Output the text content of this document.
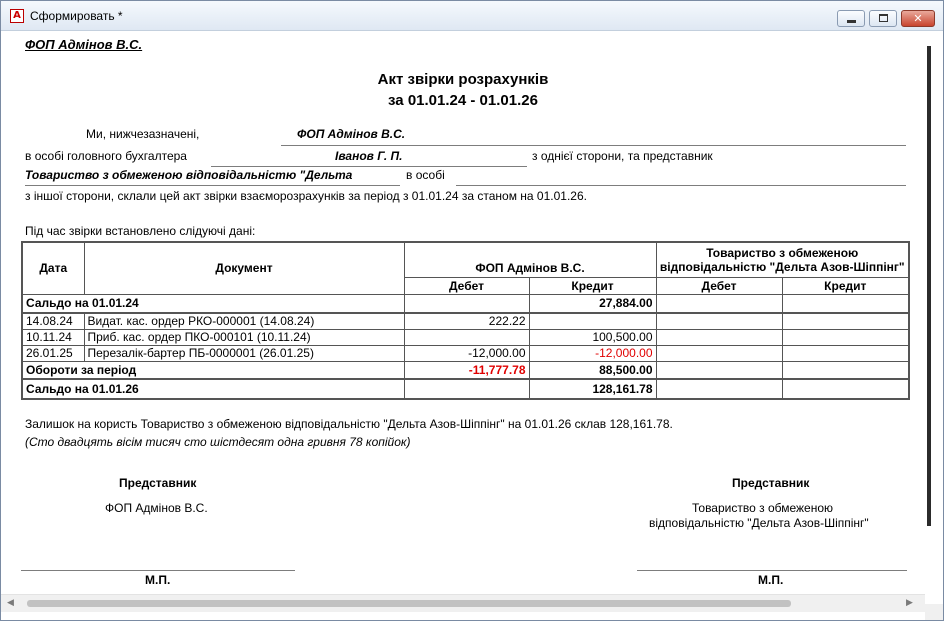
A Сформировать *	✕
ФОП Адмінов В.С.
Акт звірки розрахунків
за 01.01.24 - 01.01.26
Ми, нижчезазначені,	ФОП Адмінов В.С.
в особі головного бухгалтера	Іванов Г. П.	з однієї сторони, та представник
Товариство з обмеженою відповідальністю "Дельта	в особі
з іншої сторони, склали цей акт звірки взаєморозрахунків за період з 01.01.24 за станом на 01.01.26.
Під час звірки встановлено слідуючі дані:
Дата	Документ	ФОП Адмінов В.С.		Товариство з обмеженою відповідальністю "Дельта Азов-Шіппінг"	
		Дебет	Кредит	Дебет	Кредит
Сальдо на 01.01.24			27,884.00		
14.08.24	Видат. кас. ордер РКО-000001 (14.08.24)	222.22			
10.11.24	Приб. кас. ордер ПКО-000101 (10.11.24)		100,500.00		
26.01.25	Перезалік-бартер ПБ-0000001 (26.01.25)	-12,000.00	-12,000.00		
Обороти за період		-11,777.78	88,500.00		
Сальдо на 01.01.26			128,161.78		
Залишок на користь Товариство з обмеженою відповідальністю "Дельта Азов-Шіппінг" на 01.01.26 склав 128,161.78.
(Сто двадцять вісім тисяч сто шістдесят одна гривня 78 копійок)
Представник
ФОП Адмінов В.С.
Представник
Товариство з обмеженою
відповідальністю "Дельта Азов-Шіппінг"
М.П.	М.П.
◀	▶
